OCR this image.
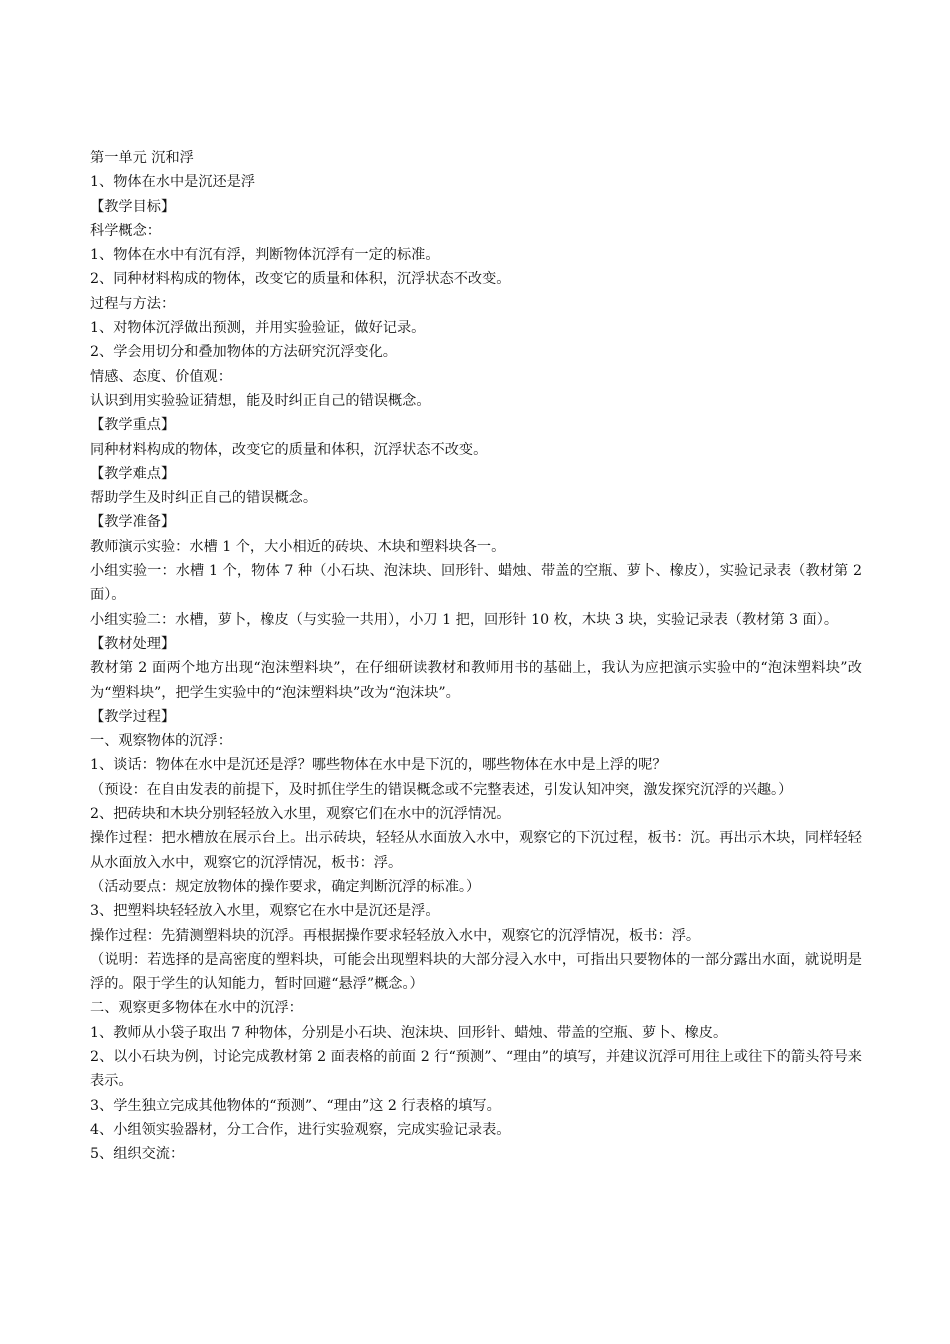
第一单元 沉和浮

1、物体在水中是沉还是浮

【教学目标】

科学概念：

1、物体在水中有沉有浮，判断物体沉浮有一定的标准。

2、同种材料构成的物体，改变它的质量和体积，沉浮状态不改变。

过程与方法：

1、对物体沉浮做出预测，并用实验验证，做好记录。

2、学会用切分和叠加物体的方法研究沉浮变化。

情感、态度、价值观：

认识到用实验验证猜想，能及时纠正自己的错误概念。

【教学重点】

同种材料构成的物体，改变它的质量和体积，沉浮状态不改变。

【教学难点】

帮助学生及时纠正自己的错误概念。

【教学准备】

教师演示实验：水槽 1 个，大小相近的砖块、木块和塑料块各一。

小组实验一：水槽 1 个，物体 7 种（小石块、泡沫块、回形针、蜡烛、带盖的空瓶、萝卜、橡皮），实验记录表（教材第 2 面）。

小组实验二：水槽，萝卜，橡皮（与实验一共用），小刀 1 把，回形针 10 枚，木块 3 块，实验记录表（教材第 3 面）。

【教材处理】

教材第 2 面两个地方出现“泡沫塑料块”，在仔细研读教材和教师用书的基础上，我认为应把演示实验中的“泡沫塑料块”改为“塑料块”，把学生实验中的“泡沫塑料块”改为“泡沫块”。

【教学过程】

一、观察物体的沉浮：

1、谈话：物体在水中是沉还是浮？哪些物体在水中是下沉的，哪些物体在水中是上浮的呢？

（预设：在自由发表的前提下，及时抓住学生的错误概念或不完整表述，引发认知冲突，激发探究沉浮的兴趣。）

2、把砖块和木块分别轻轻放入水里，观察它们在水中的沉浮情况。

操作过程：把水槽放在展示台上。出示砖块，轻轻从水面放入水中，观察它的下沉过程，板书：沉。再出示木块，同样轻轻从水面放入水中，观察它的沉浮情况，板书：浮。

（活动要点：规定放物体的操作要求，确定判断沉浮的标准。）

3、把塑料块轻轻放入水里，观察它在水中是沉还是浮。

操作过程：先猜测塑料块的沉浮。再根据操作要求轻轻放入水中，观察它的沉浮情况，板书：浮。

（说明：若选择的是高密度的塑料块，可能会出现塑料块的大部分浸入水中，可指出只要物体的一部分露出水面，就说明是浮的。限于学生的认知能力，暂时回避“悬浮”概念。）

二、观察更多物体在水中的沉浮：

1、教师从小袋子取出 7 种物体，分别是小石块、泡沫块、回形针、蜡烛、带盖的空瓶、萝卜、橡皮。

2、以小石块为例，讨论完成教材第 2 面表格的前面 2 行“预测”、“理由”的填写，并建议沉浮可用往上或往下的箭头符号来表示。

3、学生独立完成其他物体的“预测”、“理由”这 2 行表格的填写。

4、小组领实验器材，分工合作，进行实验观察，完成实验记录表。

5、组织交流：
